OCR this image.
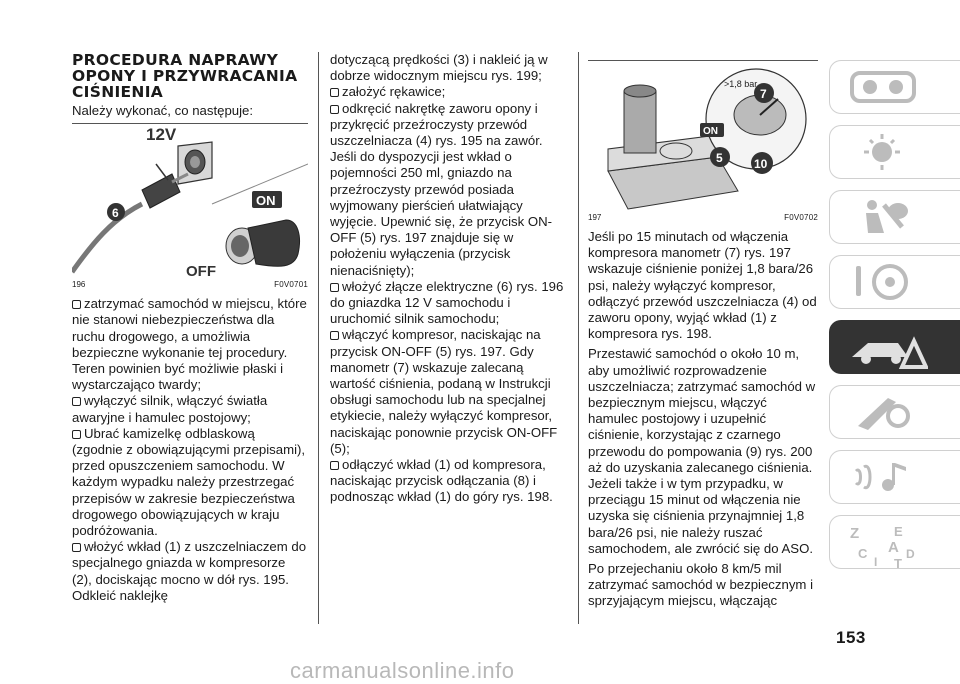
PROCEDURA NAPRAWY
OPONY I PRZYWRACANIA
CIŚNIENIA
Należy wykonać, co następuje:
12V
6
ON
OFF
196	F0V0701
zatrzymać samochód w miejscu, które nie stanowi niebezpieczeństwa dla ruchu drogowego, a umożliwia bezpieczne wykonanie tej procedury. Teren powinien być możliwie płaski i wystarczająco twardy;
wyłączyć silnik, włączyć światła awaryjne i hamulec postojowy;
Ubrać kamizelkę odblaskową (zgodnie z obowiązującymi przepisami), przed opuszczeniem samochodu. W każdym wypadku należy przestrzegać przepisów w zakresie bezpieczeństwa drogowego obowiązujących w kraju podróżowania.
włożyć wkład (1) z uszczelniaczem do specjalnego gniazda w kompresorze (2), dociskając mocno w dół rys. 195. Odkleić naklejkę
dotyczącą prędkości (3) i nakleić ją w dobrze widocznym miejscu rys. 199;
założyć rękawice;
odkręcić nakrętkę zaworu opony i przykręcić przeźroczysty przewód uszczelniacza (4) rys. 195 na zawór. Jeśli do dyspozycji jest wkład o pojemności 250 ml, gniazdo na przeźroczysty przewód posiada wyjmowany pierścień ułatwiający wyjęcie. Upewnić się, że przycisk ON-OFF (5) rys. 197 znajduje się w położeniu wyłączenia (przycisk nienaciśnięty);
włożyć złącze elektryczne (6) rys. 196 do gniazdka 12 V samochodu i uruchomić silnik samochodu;
włączyć kompresor, naciskając na przycisk ON-OFF (5) rys. 197. Gdy manometr (7) wskazuje zalecaną wartość ciśnienia, podaną w Instrukcji obsługi samochodu lub na specjalnej etykiecie, należy wyłączyć kompresor, naciskając ponownie przycisk ON-OFF (5);
odłączyć wkład (1) od kompresora, naciskając przycisk odłączania (8) i podnosząc wkład (1) do góry rys. 198.
>1,8 bar
7
ON
5	10
197	F0V0702
Jeśli po 15 minutach od włączenia kompresora manometr (7) rys. 197 wskazuje ciśnienie poniżej 1,8 bara/26 psi, należy wyłączyć kompresor, odłączyć przewód uszczelniacza (4) od zaworu opony, wyjąć wkład (1) z kompresora rys. 198.
Przestawić samochód o około 10 m, aby umożliwić rozprowadzenie uszczelniacza; zatrzymać samochód w bezpiecznym miejscu, włączyć hamulec postojowy i uzupełnić ciśnienie, korzystając z czarnego przewodu do pompowania (9) rys. 200 aż do uzyskania zalecanego ciśnienia. Jeżeli także i w tym przypadku, w przeciągu 15 minut od włączenia nie uzyska się ciśnienia przynajmniej 1,8 bara/26 psi, nie należy ruszać samochodem, ale zwrócić się do ASO.
Po przejechaniu około 8 km/5 mil zatrzymać samochód w bezpiecznym i sprzyjającym miejscu, włączając
Z	E
A
C	D
I T
153
carmanualsonline.info
